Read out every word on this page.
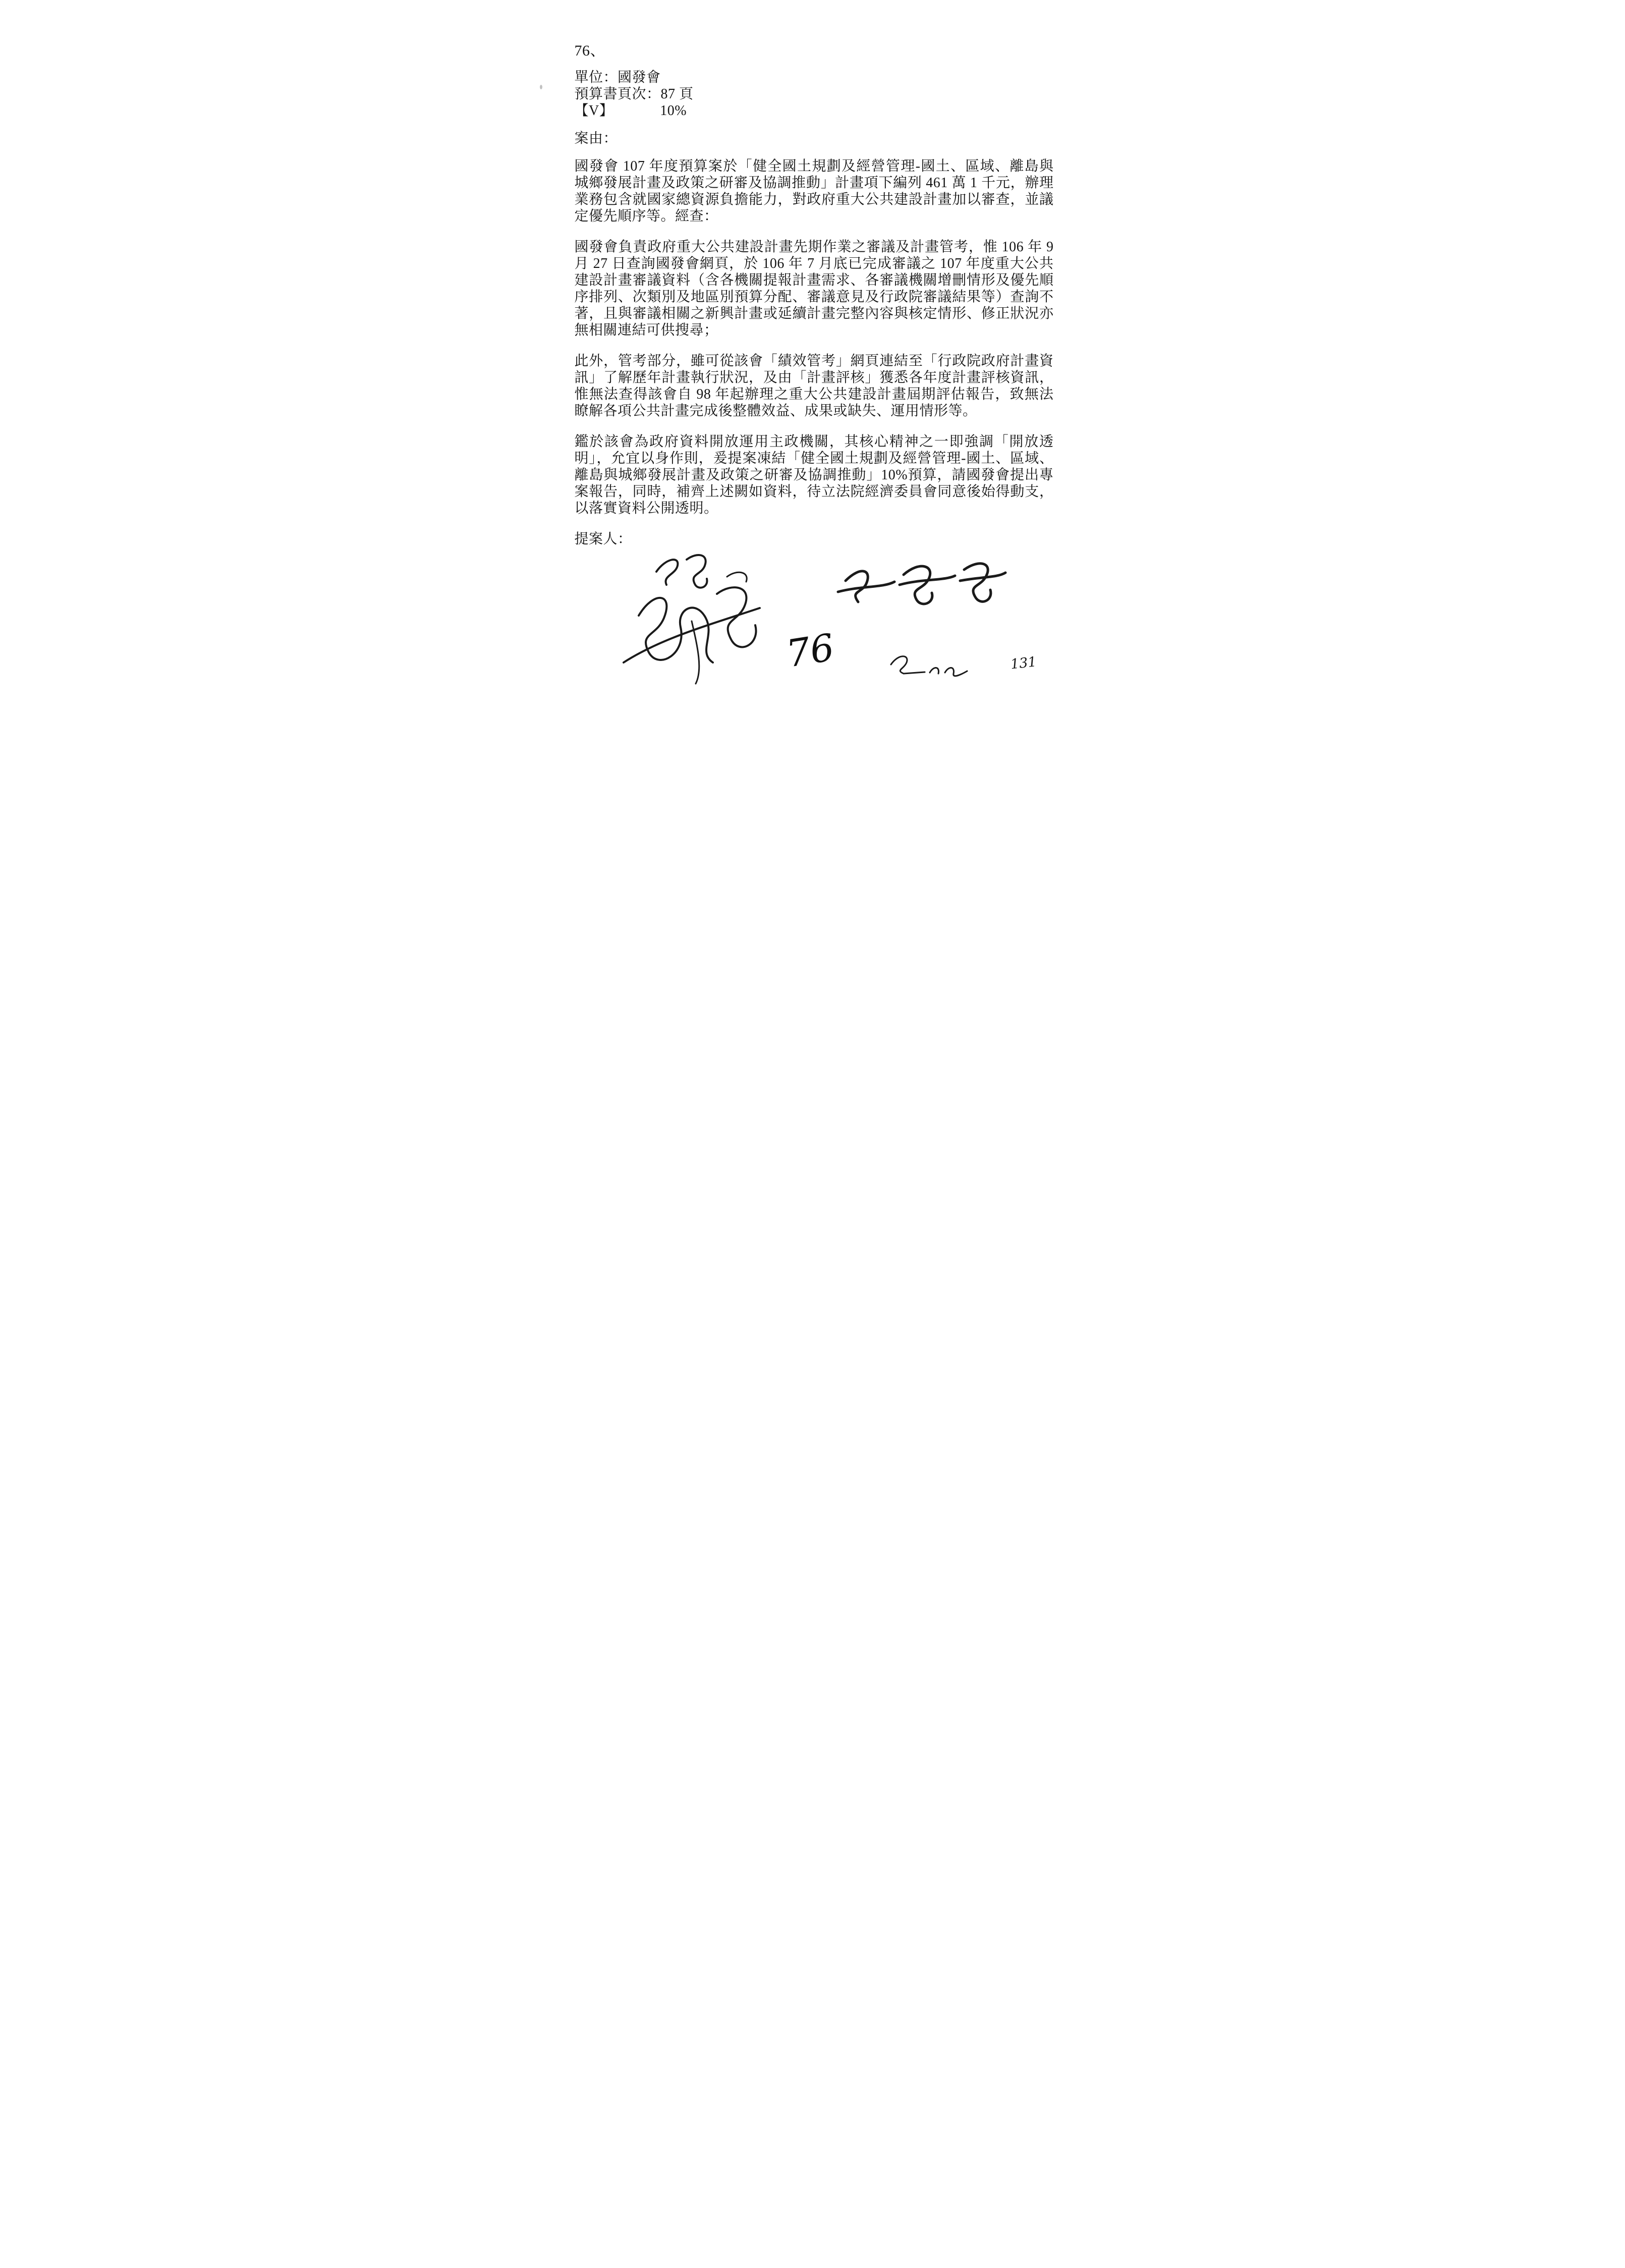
76、
單位：國發會
預算書頁次：87 頁
【V】	10%
案由：

國發會 107 年度預算案於「健全國土規劃及經營管理-國土、區域、離島與城鄉發展計畫及政策之研審及協調推動」計畫項下編列 461 萬 1 千元，辦理業務包含就國家總資源負擔能力，對政府重大公共建設計畫加以審查，並議定優先順序等。經查：

國發會負責政府重大公共建設計畫先期作業之審議及計畫管考，惟 106 年 9 月 27 日查詢國發會網頁，於 106 年 7 月底已完成審議之 107 年度重大公共建設計畫審議資料（含各機關提報計畫需求、各審議機關增刪情形及優先順序排列、次類別及地區別預算分配、審議意見及行政院審議結果等）查詢不著，且與審議相關之新興計畫或延續計畫完整內容與核定情形、修正狀況亦無相關連結可供搜尋；

此外，管考部分，雖可從該會「績效管考」網頁連結至「行政院政府計畫資訊」了解歷年計畫執行狀況，及由「計畫評核」獲悉各年度計畫評核資訊，惟無法查得該會自 98 年起辦理之重大公共建設計畫屆期評估報告，致無法瞭解各項公共計畫完成後整體效益、成果或缺失、運用情形等。

鑑於該會為政府資料開放運用主政機關，其核心精神之一即強調「開放透明」，允宜以身作則，爰提案凍結「健全國土規劃及經營管理-國土、區域、離島與城鄉發展計畫及政策之研審及協調推動」10%預算，請國發會提出專案報告，同時，補齊上述闕如資料，待立法院經濟委員會同意後始得動支，以落實資料公開透明。

提案人：
76	131
